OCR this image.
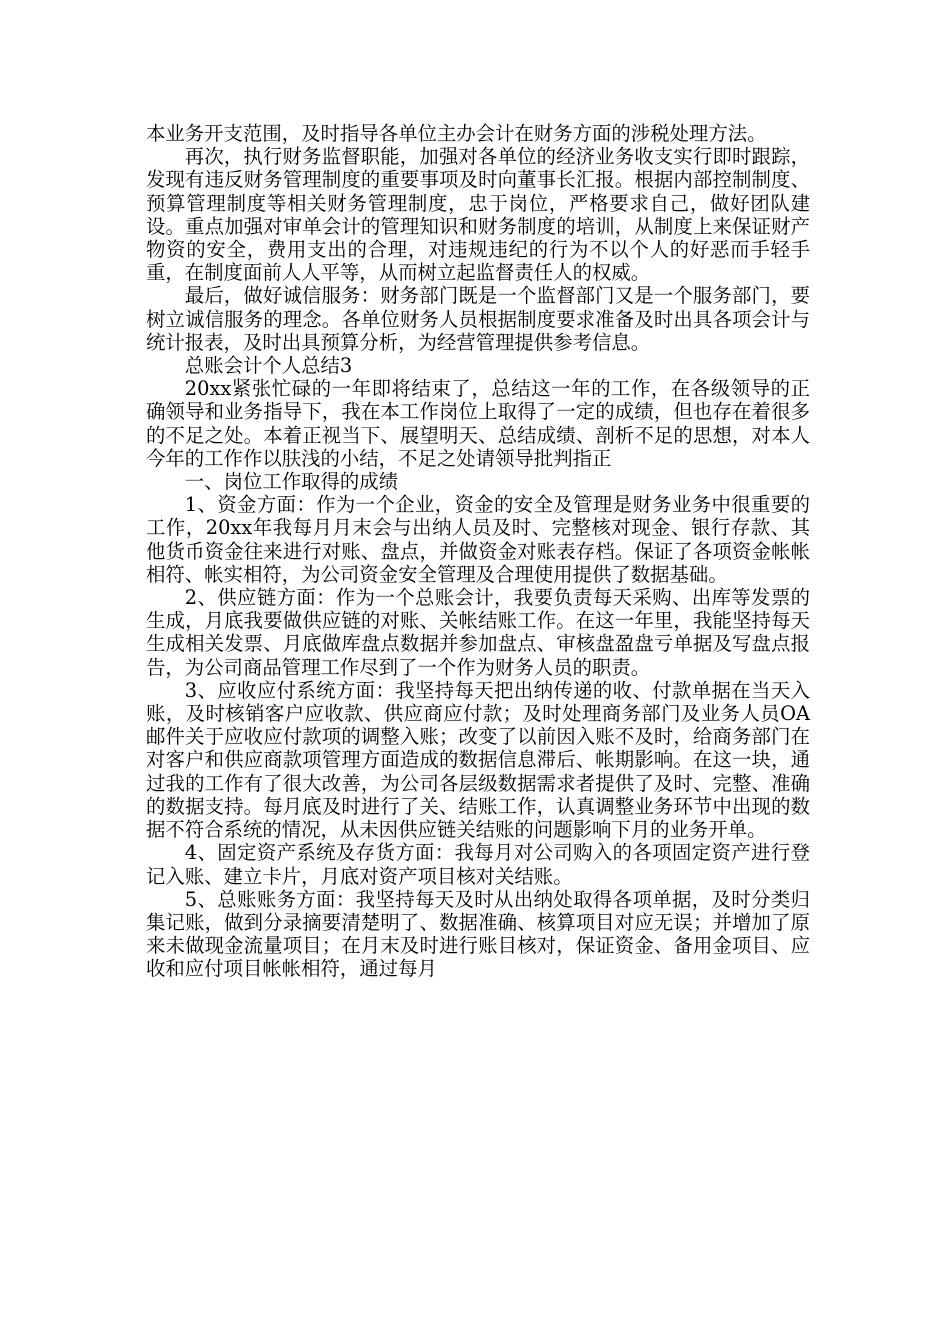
本业务开支范围，及时指导各单位主办会计在财务方面的涉税处理方法。

再次，执行财务监督职能，加强对各单位的经济业务收支实行即时跟踪，发现有违反财务管理制度的重要事项及时向董事长汇报。根据内部控制制度、预算管理制度等相关财务管理制度，忠于岗位，严格要求自己，做好团队建设。重点加强对审单会计的管理知识和财务制度的培训，从制度上来保证财产物资的安全，费用支出的合理，对违规违纪的行为不以个人的好恶而手轻手重，在制度面前人人平等，从而树立起监督责任人的权威。

最后，做好诚信服务：财务部门既是一个监督部门又是一个服务部门，要树立诚信服务的理念。各单位财务人员根据制度要求准备及时出具各项会计与统计报表，及时出具预算分析，为经营管理提供参考信息。

总账会计个人总结3

20xx紧张忙碌的一年即将结束了，总结这一年的工作，在各级领导的正确领导和业务指导下，我在本工作岗位上取得了一定的成绩，但也存在着很多的不足之处。本着正视当下、展望明天、总结成绩、剖析不足的思想，对本人今年的工作作以肤浅的小结，不足之处请领导批判指正

一、岗位工作取得的成绩

1、资金方面：作为一个企业，资金的安全及管理是财务业务中很重要的工作，20xx年我每月月末会与出纳人员及时、完整核对现金、银行存款、其他货币资金往来进行对账、盘点，并做资金对账表存档。保证了各项资金帐帐相符、帐实相符，为公司资金安全管理及合理使用提供了数据基础。

2、供应链方面：作为一个总账会计，我要负责每天采购、出库等发票的生成，月底我要做供应链的对账、关帐结账工作。在这一年里，我能坚持每天生成相关发票、月底做库盘点数据并参加盘点、审核盘盈盘亏单据及写盘点报告，为公司商品管理工作尽到了一个作为财务人员的职责。

3、应收应付系统方面：我坚持每天把出纳传递的收、付款单据在当天入账，及时核销客户应收款、供应商应付款；及时处理商务部门及业务人员OA邮件关于应收应付款项的调整入账；改变了以前因入账不及时，给商务部门在对客户和供应商款项管理方面造成的数据信息滞后、帐期影响。在这一块，通过我的工作有了很大改善，为公司各层级数据需求者提供了及时、完整、准确的数据支持。每月底及时进行了关、结账工作，认真调整业务环节中出现的数据不符合系统的情况，从未因供应链关结账的问题影响下月的业务开单。

4、固定资产系统及存货方面：我每月对公司购入的各项固定资产进行登记入账、建立卡片，月底对资产项目核对关结账。

5、总账账务方面：我坚持每天及时从出纳处取得各项单据，及时分类归集记账，做到分录摘要清楚明了、数据准确、核算项目对应无误；并增加了原来未做现金流量项目；在月末及时进行账目核对，保证资金、备用金项目、应收和应付项目帐帐相符，通过每月
